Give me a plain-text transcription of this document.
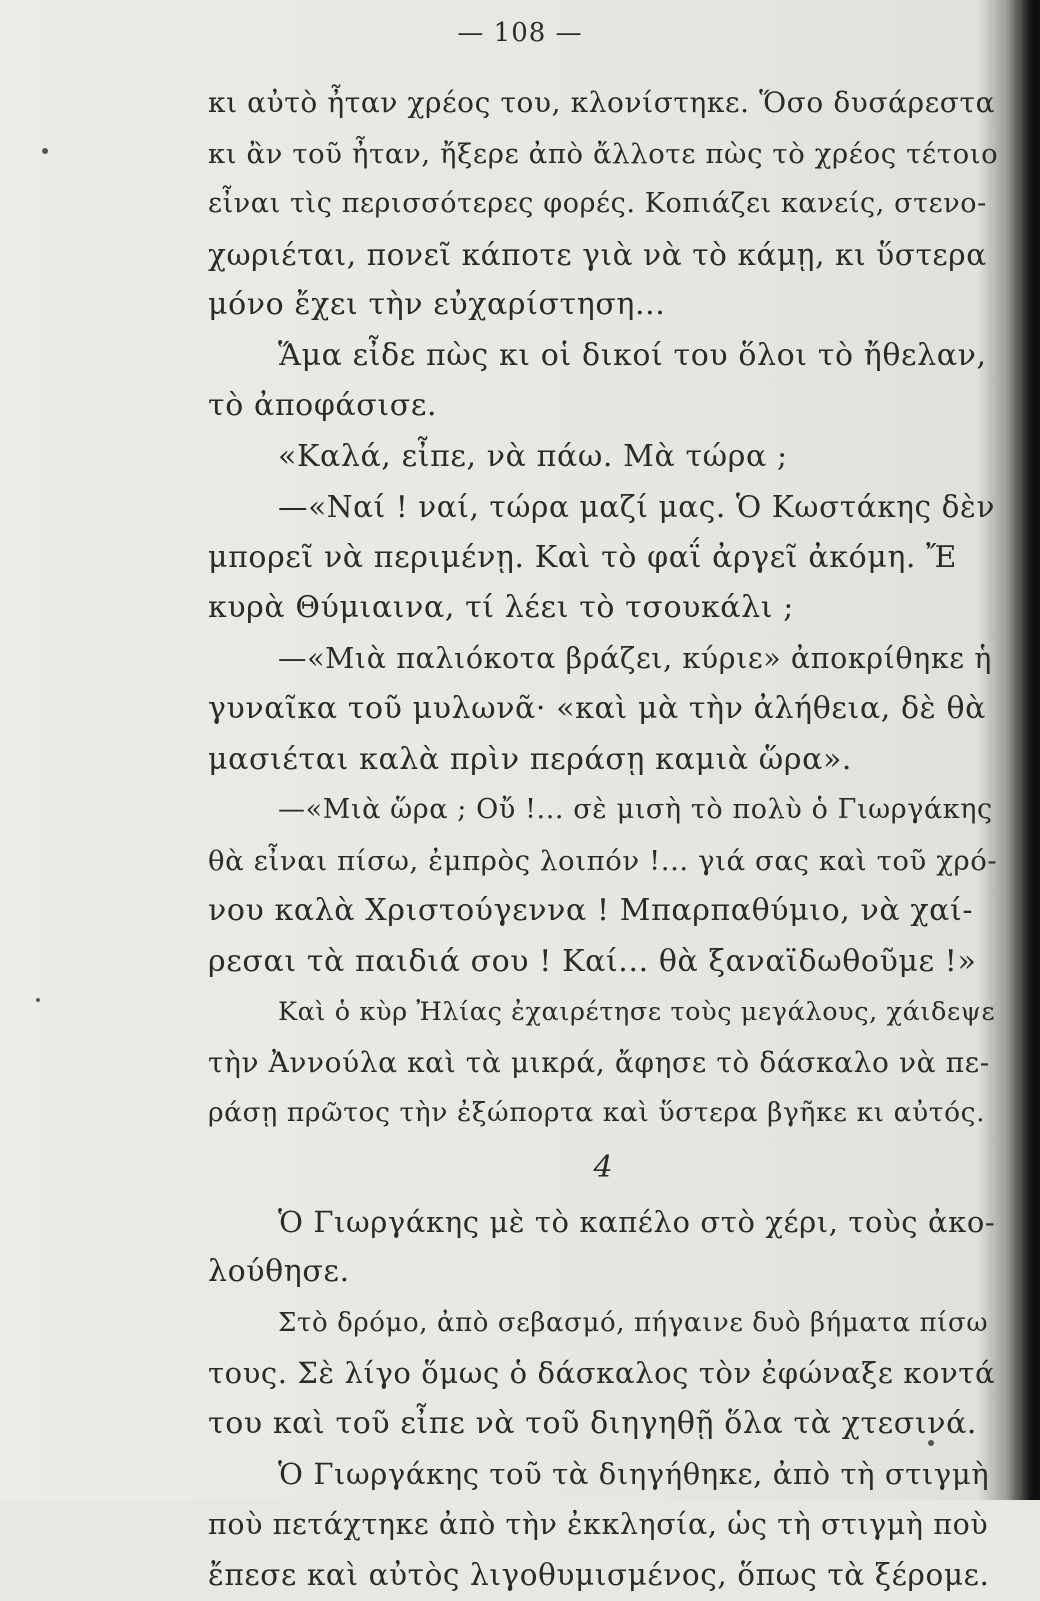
— 108 —
κι αὐτὸ ἦταν χρέος του, κλονίστηκε. Ὅσο δυσάρεστα
κι ἂν τοῦ ἦταν, ἤξερε ἀπὸ ἄλλοτε πὼς τὸ χρέος τέτοιο
εἶναι τὶς περισσότερες φορές. Κοπιάζει κανείς, στενο-
χωριέται, πονεῖ κάποτε γιὰ νὰ τὸ κάμῃ, κι ὕστερα
μόνο ἔχει τὴν εὐχαρίστηση...
Ἅμα εἶδε πὼς κι οἱ δικοί του ὅλοι τὸ ἤθελαν,
τὸ ἀποφάσισε.
«Καλά, εἶπε, νὰ πάω. Μὰ τώρα ;
—«Ναί ! ναί, τώρα μαζί μας. Ὁ Κωστάκης δὲν
μπορεῖ νὰ περιμένῃ. Καὶ τὸ φαΐ ἀργεῖ ἀκόμη. Ἔ
κυρὰ Θύμιαινα, τί λέει τὸ τσουκάλι ;
—«Μιὰ παλιόκοτα βράζει, κύριε» ἀποκρίθηκε ἡ
γυναῖκα τοῦ μυλωνᾶ· «καὶ μὰ τὴν ἀλήθεια, δὲ θὰ
μασιέται καλὰ πρὶν περάσῃ καμιὰ ὥρα».
—«Μιὰ ὥρα ; Οὔ !... σὲ μισὴ τὸ πολὺ ὁ Γιωργάκης
θὰ εἶναι πίσω, ἐμπρὸς λοιπόν !... γιά σας καὶ τοῦ χρό-
νου καλὰ Χριστούγεννα ! Μπαρπαθύμιο, νὰ χαί-
ρεσαι τὰ παιδιά σου ! Καί... θὰ ξαναϊδωθοῦμε !»
Καὶ ὁ κὺρ Ἠλίας ἐχαιρέτησε τοὺς μεγάλους, χάιδεψε
τὴν Ἀννούλα καὶ τὰ μικρά, ἄφησε τὸ δάσκαλο νὰ πε-
ράσῃ πρῶτος τὴν ἐξώπορτα καὶ ὕστερα βγῆκε κι αὐτός.
4
Ὁ Γιωργάκης μὲ τὸ καπέλο στὸ χέρι, τοὺς ἀκο-
λούθησε.
Στὸ δρόμο, ἀπὸ σεβασμό, πήγαινε δυὸ βήματα πίσω
τους. Σὲ λίγο ὅμως ὁ δάσκαλος τὸν ἐφώναξε κοντά
του καὶ τοῦ εἶπε νὰ τοῦ διηγηθῇ ὅλα τὰ χτεσινά.
Ὁ Γιωργάκης τοῦ τὰ διηγήθηκε, ἀπὸ τὴ στιγμὴ
ποὺ πετάχτηκε ἀπὸ τὴν ἐκκλησία, ὡς τὴ στιγμὴ ποὺ
ἔπεσε καὶ αὐτὸς λιγοθυμισμένος, ὅπως τὰ ξέρομε.
